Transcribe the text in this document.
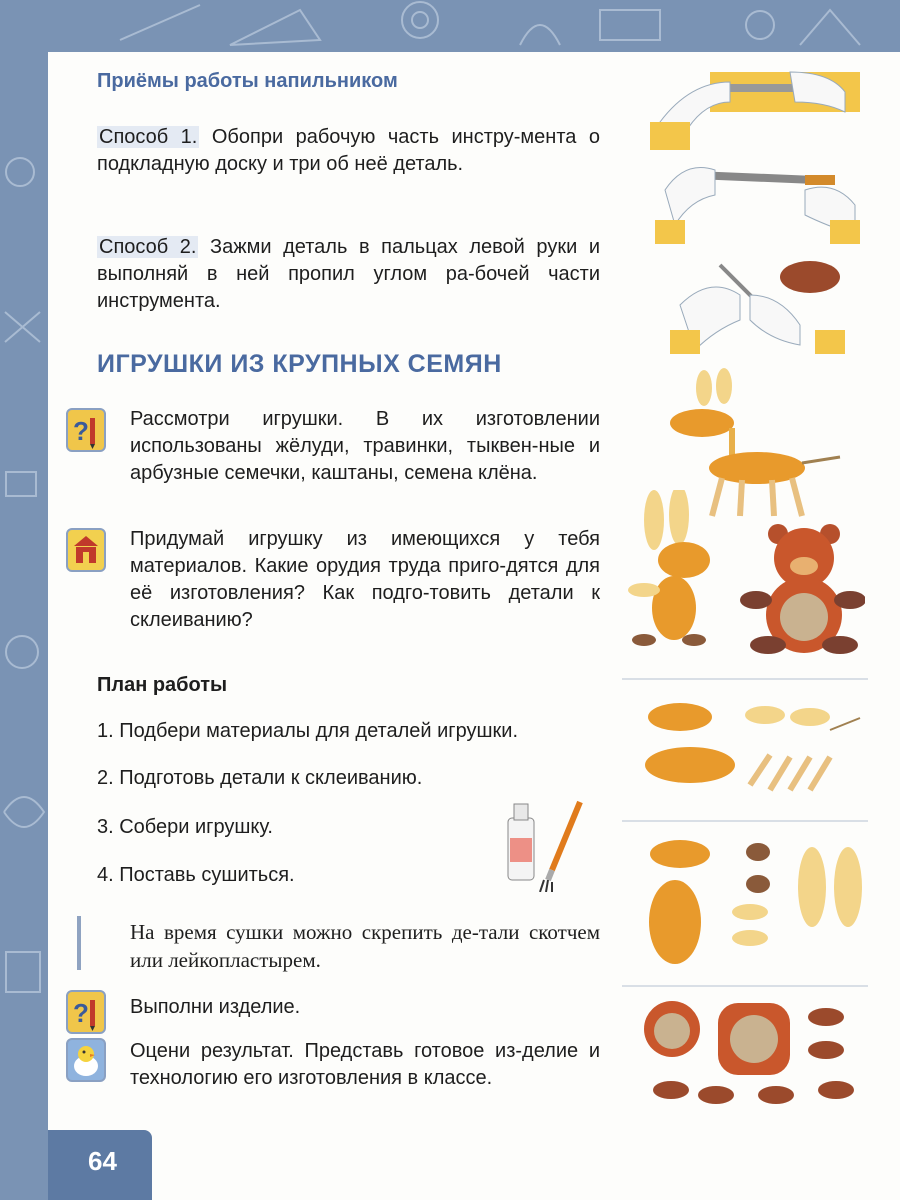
Приёмы работы напильником

Способ 1. Обопри рабочую часть инстру-мента о подкладную доску и три об неё деталь.

Способ 2. Зажми деталь в пальцах левой руки и выполняй в ней пропил углом ра-бочей части инструмента.

ИГРУШКИ ИЗ КРУПНЫХ СЕМЯН
? Рассмотри игрушки. В их изготовлении использованы жёлуди, травинки, тыквен-ные и арбузные семечки, каштаны, семена клёна.

Придумай игрушку из имеющихся у тебя материалов. Какие орудия труда приго-дятся для её изготовления? Как подго-товить детали к склеиванию?

План работы
1. Подбери материалы для деталей игрушки.
2. Подготовь детали к склеиванию.
3. Собери игрушку.
4. Поставь сушиться.

На время сушки можно скрепить де-тали скотчем или лейкопластырем.

? Выполни изделие.

Оцени результат. Представь готовое из-делие и технологию его изготовления в классе.

64
